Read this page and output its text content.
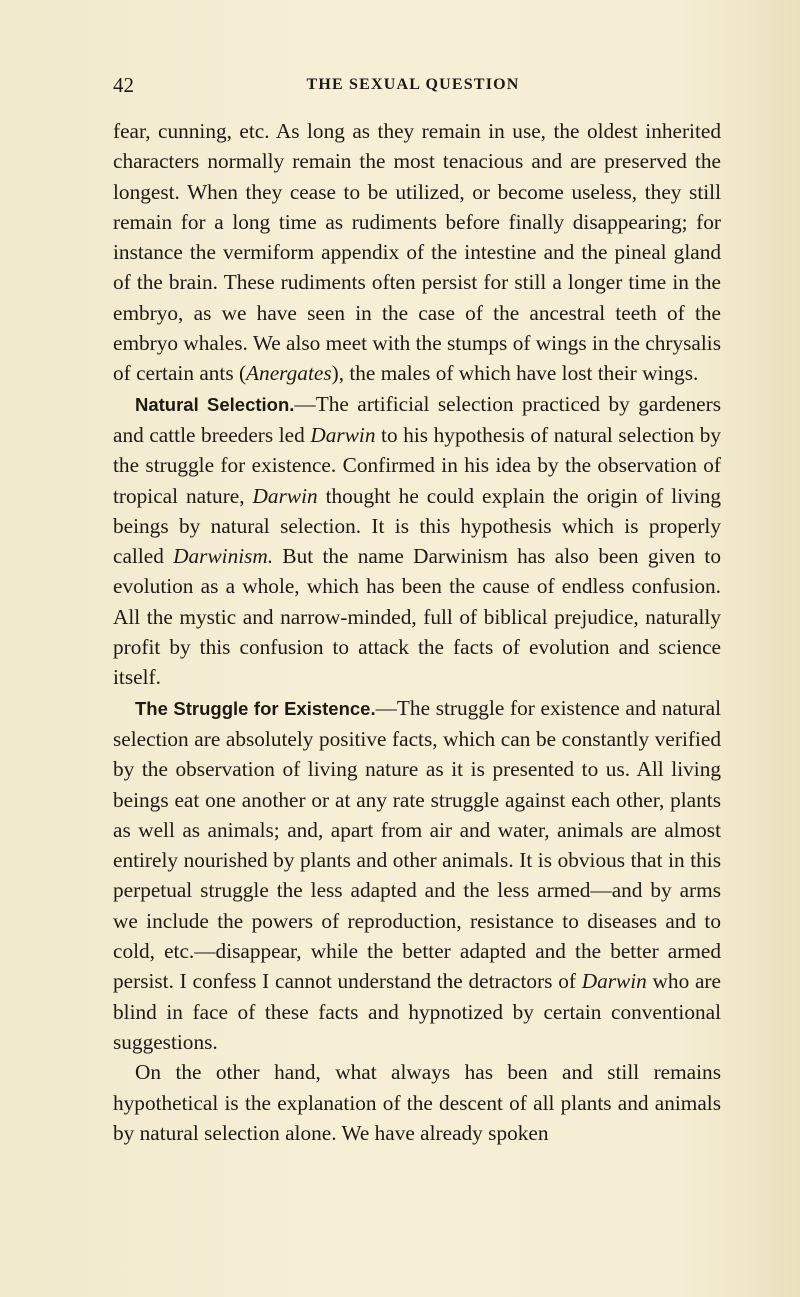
42	THE SEXUAL QUESTION

fear, cunning, etc. As long as they remain in use, the oldest inherited characters normally remain the most tenacious and are preserved the longest. When they cease to be utilized, or become useless, they still remain for a long time as rudiments before finally disappearing; for instance the vermiform appendix of the intestine and the pineal gland of the brain. These rudiments often persist for still a longer time in the embryo, as we have seen in the case of the ancestral teeth of the embryo whales. We also meet with the stumps of wings in the chrysalis of certain ants (Anergates), the males of which have lost their wings.

Natural Selection.—The artificial selection practiced by gardeners and cattle breeders led Darwin to his hypothesis of natural selection by the struggle for existence. Confirmed in his idea by the observation of tropical nature, Darwin thought he could explain the origin of living beings by natural selection. It is this hypothesis which is properly called Darwinism. But the name Darwinism has also been given to evolution as a whole, which has been the cause of endless confusion. All the mystic and narrow-minded, full of biblical prejudice, naturally profit by this confusion to attack the facts of evolution and science itself.

The Struggle for Existence.—The struggle for existence and natural selection are absolutely positive facts, which can be constantly verified by the observation of living nature as it is presented to us. All living beings eat one another or at any rate struggle against each other, plants as well as animals; and, apart from air and water, animals are almost entirely nourished by plants and other animals. It is obvious that in this perpetual struggle the less adapted and the less armed—and by arms we include the powers of reproduction, resistance to diseases and to cold, etc.—disappear, while the better adapted and the better armed persist. I confess I cannot understand the detractors of Darwin who are blind in face of these facts and hypnotized by certain conventional suggestions.

On the other hand, what always has been and still remains hypothetical is the explanation of the descent of all plants and animals by natural selection alone. We have already spoken
